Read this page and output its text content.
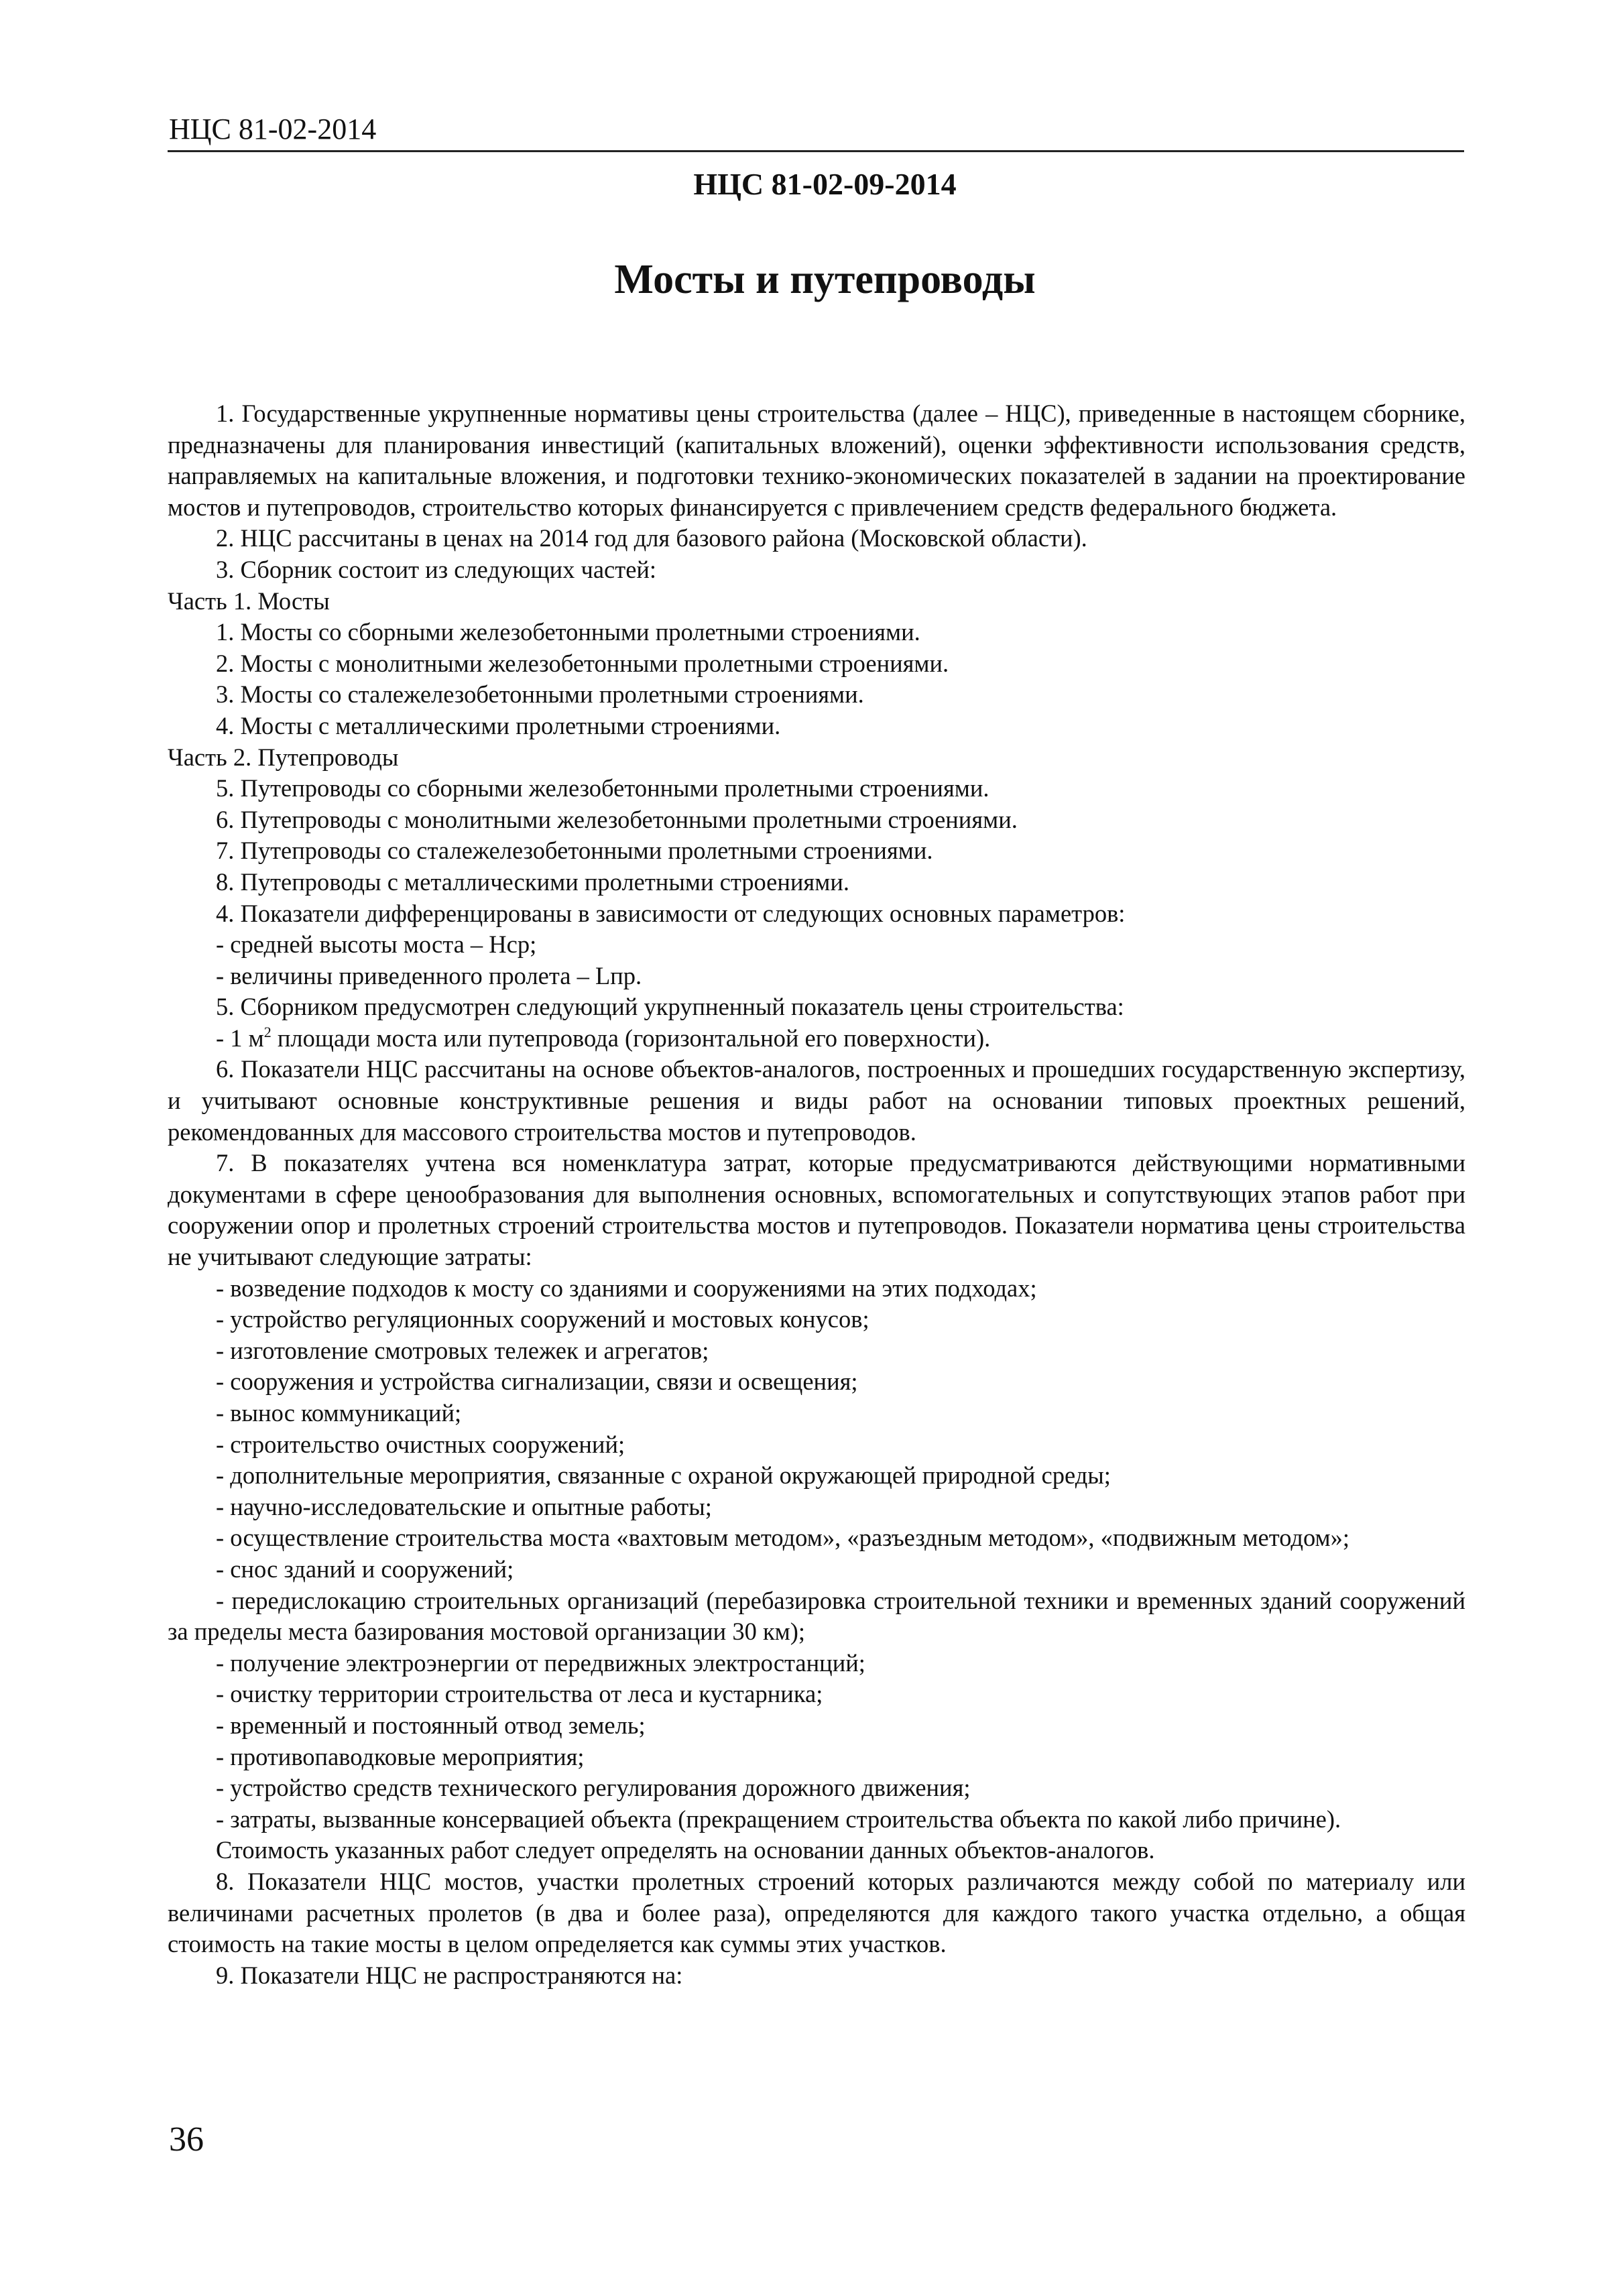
НЦС 81-02-2014
НЦС 81-02-09-2014
Мосты и путепроводы

1. Государственные укрупненные нормативы цены строительства (далее – НЦС), приведенные в настоящем сборнике, предназначены для планирования инвестиций (капитальных вложений), оценки эффективности использования средств, направляемых на капитальные вложения, и подготовки технико-экономических показателей в задании на проектирование мостов и путепроводов, строительство которых финансируется с привлечением средств федерального бюджета.

2. НЦС рассчитаны в ценах на 2014 год для базового района (Московской области).

3. Сборник состоит из следующих частей:

Часть 1. Мосты

1. Мосты со сборными железобетонными пролетными строениями.

2. Мосты с монолитными железобетонными пролетными строениями.

3. Мосты со сталежелезобетонными пролетными строениями.

4. Мосты с металлическими пролетными строениями.

Часть 2. Путепроводы

5. Путепроводы со сборными железобетонными пролетными строениями.

6. Путепроводы с монолитными железобетонными пролетными строениями.

7. Путепроводы со сталежелезобетонными пролетными строениями.

8. Путепроводы с металлическими пролетными строениями.

4. Показатели дифференцированы в зависимости от следующих основных параметров:

- средней высоты моста – Нср;

- величины приведенного пролета – Lпр.

5. Сборником предусмотрен следующий укрупненный показатель цены строительства:

- 1 $м^2$ площади моста или путепровода (горизонтальной его поверхности).

6. Показатели НЦС рассчитаны на основе объектов-аналогов, построенных и прошедших государственную экспертизу, и учитывают основные конструктивные решения и виды работ на основании типовых проектных решений, рекомендованных для массового строительства мостов и путепроводов.

7. В показателях учтена вся номенклатура затрат, которые предусматриваются действующими нормативными документами в сфере ценообразования для выполнения основных, вспомогательных и сопутствующих этапов работ при сооружении опор и пролетных строений строительства мостов и путепроводов. Показатели норматива цены строительства не учитывают следующие затраты:

- возведение подходов к мосту со зданиями и сооружениями на этих подходах;

- устройство регуляционных сооружений и мостовых конусов;

- изготовление смотровых тележек и агрегатов;

- сооружения и устройства сигнализации, связи и освещения;

- вынос коммуникаций;

- строительство очистных сооружений;

- дополнительные мероприятия, связанные с охраной окружающей природной среды;

- научно-исследовательские и опытные работы;

- осуществление строительства моста «вахтовым методом», «разъездным методом», «подвижным методом»;

- снос зданий и сооружений;

- передислокацию строительных организаций (перебазировка строительной техники и временных зданий сооружений за пределы места базирования мостовой организации 30 км);

- получение электроэнергии от передвижных электростанций;

- очистку территории строительства от леса и кустарника;

- временный и постоянный отвод земель;

- противопаводковые мероприятия;

- устройство средств технического регулирования дорожного движения;

- затраты, вызванные консервацией объекта (прекращением строительства объекта по какой либо причине).

Стоимость указанных работ следует определять на основании данных объектов-аналогов.

8. Показатели НЦС мостов, участки пролетных строений которых различаются между собой по материалу или величинами расчетных пролетов (в два и более раза), определяются для каждого такого участка отдельно, а общая стоимость на такие мосты в целом определяется как суммы этих участков.

9. Показатели НЦС не распространяются на:

36
